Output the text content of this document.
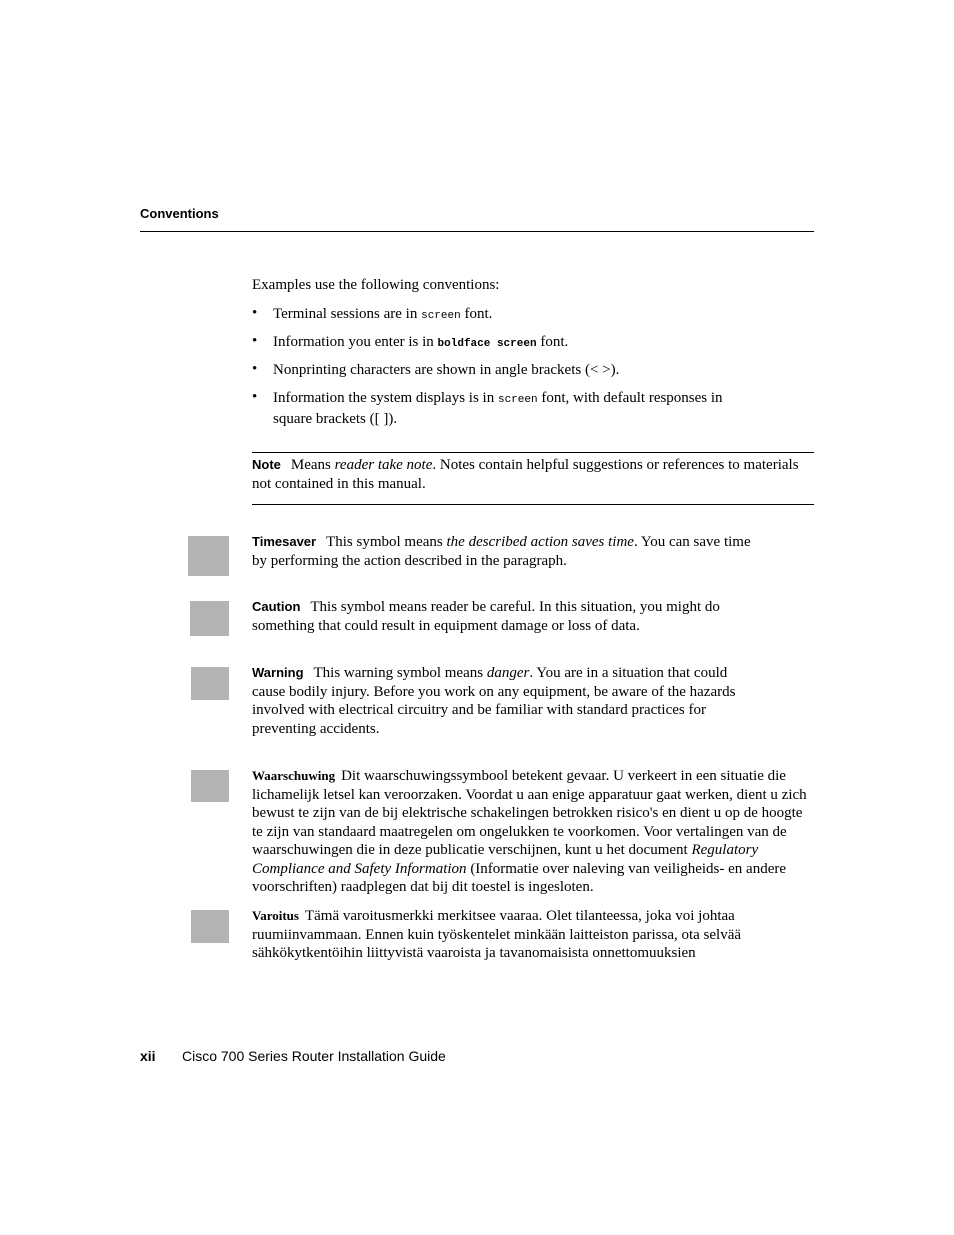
Conventions
Examples use the following conventions:
•	Terminal sessions are in screen font.
•	Information you enter is in boldface screen font.
•	Nonprinting characters are shown in angle brackets (< >).
•	Information the system displays is in screen font, with default responses in
square brackets ([ ]).
Note Means reader take note. Notes contain helpful suggestions or references to materials not contained in this manual.
Timesaver This symbol means the described action saves time. You can save time by performing the action described in the paragraph.
Caution This symbol means reader be careful. In this situation, you might do something that could result in equipment damage or loss of data.
Warning This warning symbol means danger. You are in a situation that could cause bodily injury. Before you work on any equipment, be aware of the hazards involved with electrical circuitry and be familiar with standard practices for preventing accidents.
Waarschuwing Dit waarschuwingssymbool betekent gevaar. U verkeert in een situatie die lichamelijk letsel kan veroorzaken. Voordat u aan enige apparatuur gaat werken, dient u zich bewust te zijn van de bij elektrische schakelingen betrokken risico's en dient u op de hoogte te zijn van standaard maatregelen om ongelukken te voorkomen. Voor vertalingen van de waarschuwingen die in deze publicatie verschijnen, kunt u het document Regulatory Compliance and Safety Information (Informatie over naleving van veiligheids- en andere voorschriften) raadplegen dat bij dit toestel is ingesloten.
Varoitus Tämä varoitusmerkki merkitsee vaaraa. Olet tilanteessa, joka voi johtaa ruumiinvammaan. Ennen kuin työskentelet minkään laitteiston parissa, ota selvää sähkökytkentöihin liittyvistä vaaroista ja tavanomaisista onnettomuuksien
xii Cisco 700 Series Router Installation Guide
